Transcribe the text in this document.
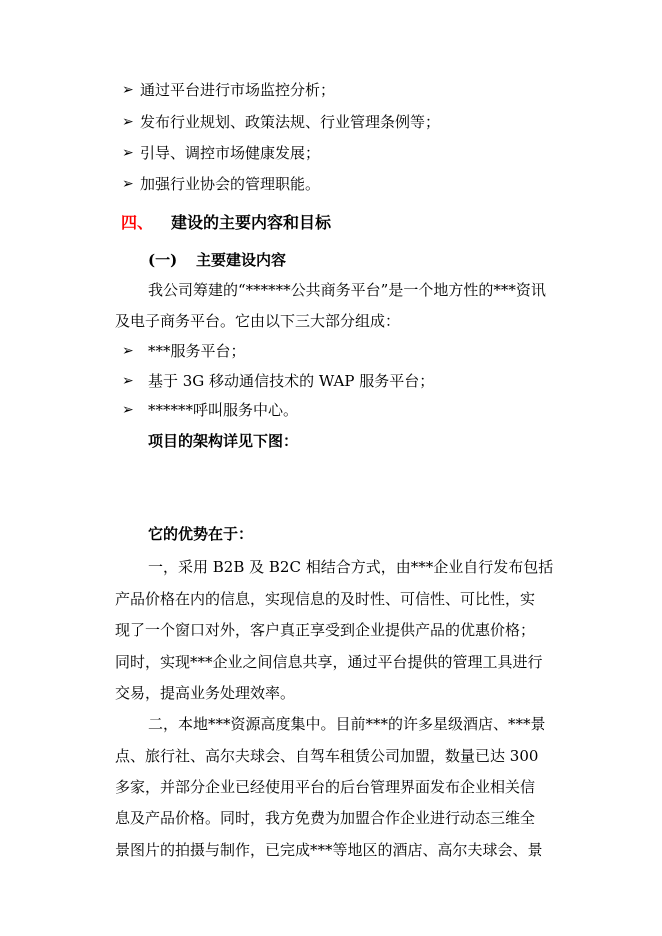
➢ 通过平台进行市场监控分析；
➢ 发布行业规划、政策法规、行业管理条例等；
➢ 引导、调控市场健康发展；
➢ 加强行业协会的管理职能。
四、 建设的主要内容和目标
(一) 主要建设内容
我公司筹建的“******公共商务平台”是一个地方性的***资讯
及电子商务平台。它由以下三大部分组成：
➢ ***服务平台；
➢ 基于 3G 移动通信技术的 WAP 服务平台；
➢ ******呼叫服务中心。
项目的架构详见下图：
它的优势在于：
一，采用 B2B 及 B2C 相结合方式，由***企业自行发布包括
产品价格在内的信息，实现信息的及时性、可信性、可比性，实
现了一个窗口对外，客户真正享受到企业提供产品的优惠价格；
同时，实现***企业之间信息共享，通过平台提供的管理工具进行
交易，提高业务处理效率。
二，本地***资源高度集中。目前***的许多星级酒店、***景
点、旅行社、高尔夫球会、自驾车租赁公司加盟，数量已达 300
多家，并部分企业已经使用平台的后台管理界面发布企业相关信
息及产品价格。同时，我方免费为加盟合作企业进行动态三维全
景图片的拍摄与制作，已完成***等地区的酒店、高尔夫球会、景
